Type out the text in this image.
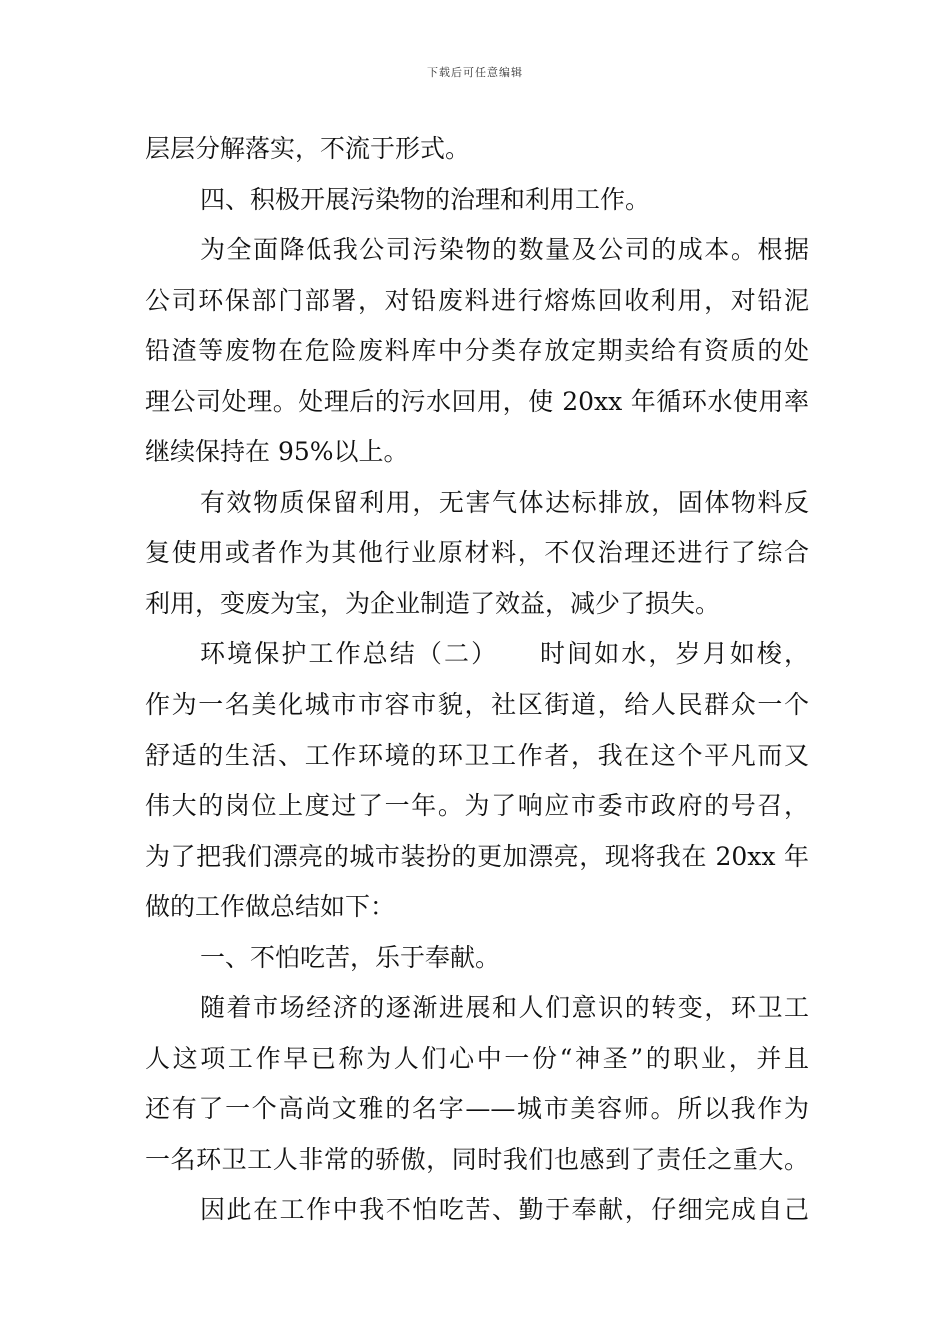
下载后可任意编辑
层层分解落实，不流于形式。
四、积极开展污染物的治理和利用工作。
为全面降低我公司污染物的数量及公司的成本。根据
公司环保部门部署，对铅废料进行熔炼回收利用，对铅泥
铅渣等废物在危险废料库中分类存放定期卖给有资质的处
理公司处理。处理后的污水回用，使 20xx 年循环水使用率
继续保持在 95%以上。
有效物质保留利用，无害气体达标排放，固体物料反
复使用或者作为其他行业原材料，不仅治理还进行了综合
利用，变废为宝，为企业制造了效益，减少了损失。
环境保护工作总结（二）　　时间如水，岁月如梭，
作为一名美化城市市容市貌，社区街道，给人民群众一个
舒适的生活、工作环境的环卫工作者，我在这个平凡而又
伟大的岗位上度过了一年。为了响应市委市政府的号召，
为了把我们漂亮的城市装扮的更加漂亮，现将我在 20xx 年
做的工作做总结如下：
一、不怕吃苦，乐于奉献。
随着市场经济的逐渐进展和人们意识的转变，环卫工
人这项工作早已称为人们心中一份“神圣”的职业，并且
还有了一个高尚文雅的名字——城市美容师。所以我作为
一名环卫工人非常的骄傲，同时我们也感到了责任之重大。
因此在工作中我不怕吃苦、勤于奉献，仔细完成自己
